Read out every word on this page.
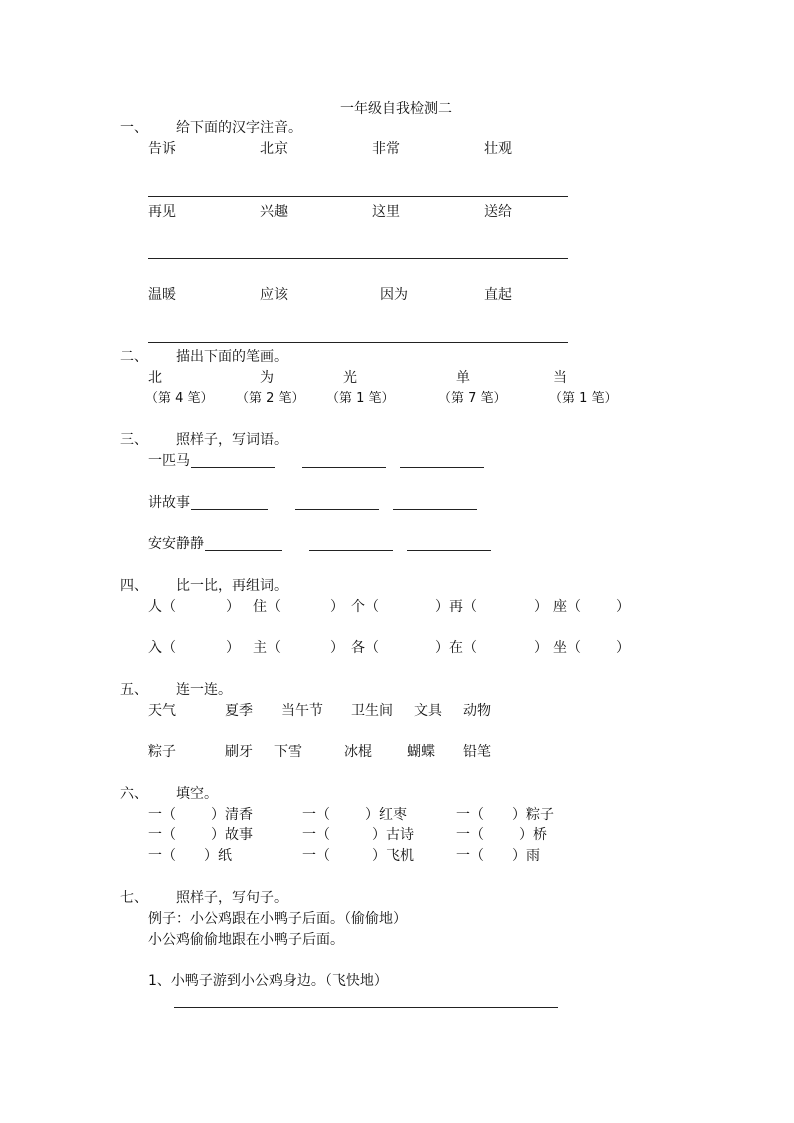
一年级自我检测二
一、 给下面的汉字注音。
告诉	北京	非常	壮观
再见	兴趣	这里	送给
温暖	应该	因为	直起
二、 描出下面的笔画。
北	为	光	单	当
（第 4 笔） （第 2 笔） （第 1 笔）	（第 7 笔）	（第 1 笔）
三、 照样子，写词语。
一匹马
讲故事
安安静静
四、 比一比，再组词。
人（	） 住（	） 个（	）再（	） 座（	）
入（	） 主（	） 各（	）在（	） 坐（	）
五、 连一连。
天气	夏季 当午节 卫生间 文具 动物
粽子	刷牙 下雪	冰棍	蝴蝶 铅笔
六、 填空。
一（	）清香	一（	）红枣	一（ ）粽子
一（	）故事	一（	）古诗	一（	）桥
一（ ）纸	一（	）飞机	一（ ）雨
七、 照样子，写句子。
例子：小公鸡跟在小鸭子后面。（偷偷地）
小公鸡偷偷地跟在小鸭子后面。
1、小鸭子游到小公鸡身边。（飞快地）
